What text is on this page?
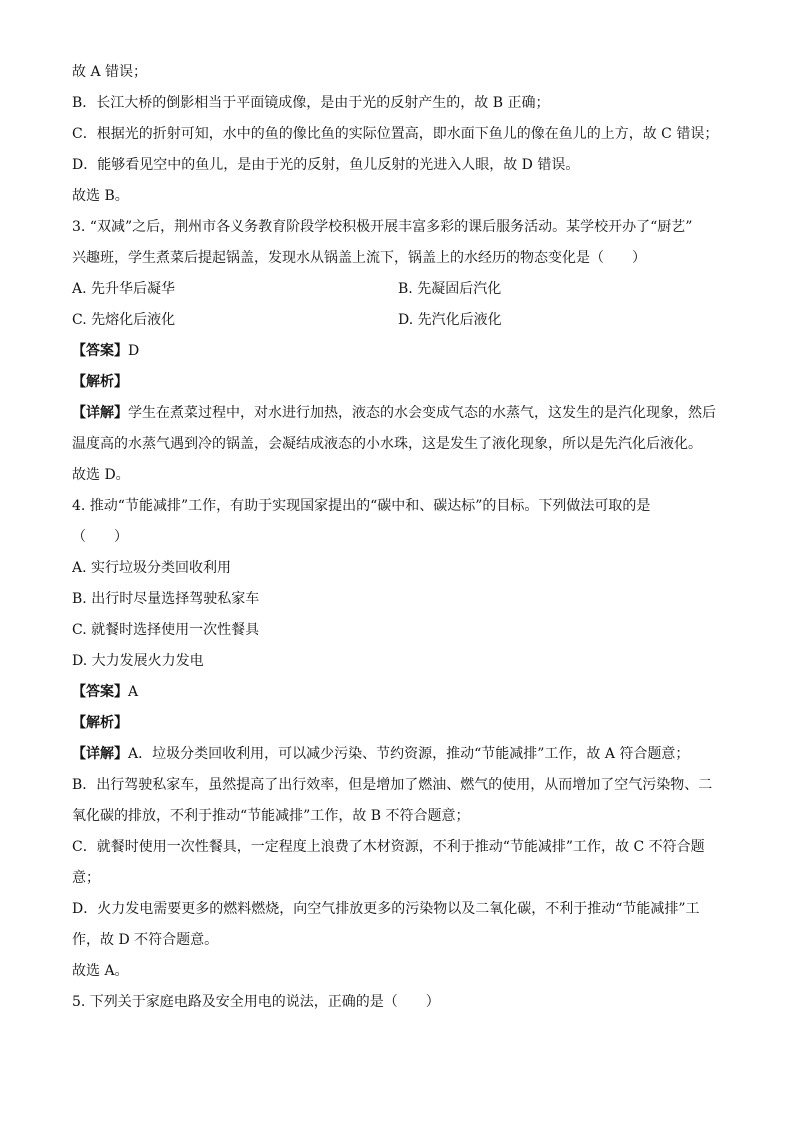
故 A 错误；
B．长江大桥的倒影相当于平面镜成像，是由于光的反射产生的，故 B 正确；
C．根据光的折射可知，水中的鱼的像比鱼的实际位置高，即水面下鱼儿的像在鱼儿的上方，故 C 错误；
D．能够看见空中的鱼儿，是由于光的反射，鱼儿反射的光进入人眼，故 D 错误。
故选 B。
3. “双减”之后，荆州市各义务教育阶段学校积极开展丰富多彩的课后服务活动。某学校开办了“厨艺”
兴趣班，学生煮菜后提起锅盖，发现水从锅盖上流下，锅盖上的水经历的物态变化是（　　）
A. 先升华后凝华	B. 先凝固后汽化
C. 先熔化后液化	D. 先汽化后液化
【答案】D
【解析】
【详解】学生在煮菜过程中，对水进行加热，液态的水会变成气态的水蒸气，这发生的是汽化现象，然后
温度高的水蒸气遇到冷的锅盖，会凝结成液态的小水珠，这是发生了液化现象，所以是先汽化后液化。
故选 D。
4. 推动“节能减排”工作，有助于实现国家提出的“碳中和、碳达标”的目标。下列做法可取的是
（　　）
A. 实行垃圾分类回收利用
B. 出行时尽量选择驾驶私家车
C. 就餐时选择使用一次性餐具
D. 大力发展火力发电
【答案】A
【解析】
【详解】A．垃圾分类回收利用，可以减少污染、节约资源，推动“节能减排”工作，故 A 符合题意；
B．出行驾驶私家车，虽然提高了出行效率，但是增加了燃油、燃气的使用，从而增加了空气污染物、二
氧化碳的排放，不利于推动“节能减排”工作，故 B 不符合题意；
C．就餐时使用一次性餐具，一定程度上浪费了木材资源，不利于推动“节能减排”工作，故 C 不符合题
意；
D．火力发电需要更多的燃料燃烧，向空气排放更多的污染物以及二氧化碳，不利于推动“节能减排”工
作，故 D 不符合题意。
故选 A。
5. 下列关于家庭电路及安全用电的说法，正确的是（　　）
